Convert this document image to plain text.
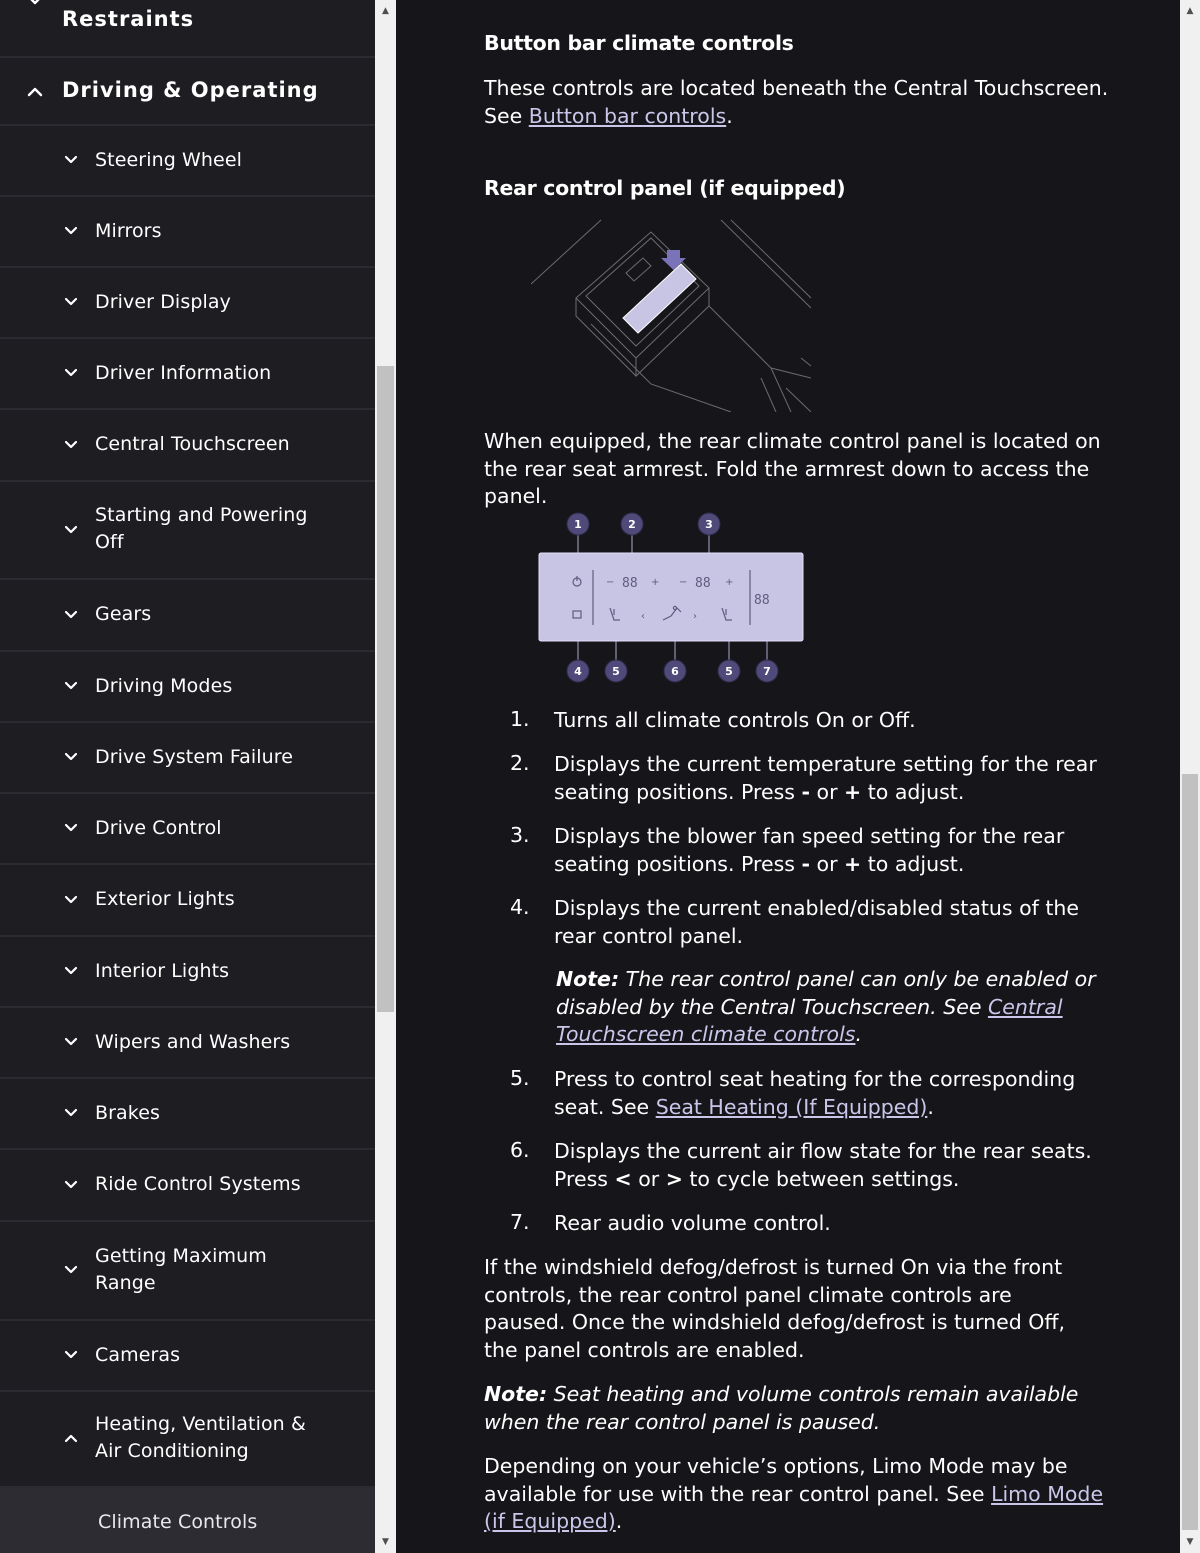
Restraints
Driving & Operating
Steering Wheel
Mirrors
Driver Display
Driver Information
Central Touchscreen
Starting and Powering Off
Gears
Driving Modes
Drive System Failure
Drive Control
Exterior Lights
Interior Lights
Wipers and Washers
Brakes
Ride Control Systems
Getting Maximum Range
Cameras
Heating, Ventilation & Air Conditioning
Climate Controls
▲
▼
Button bar climate controls
These controls are located beneath the Central Touchscreen. See Button bar controls.
Rear control panel (if equipped)
When equipped, the rear climate control panel is located on the rear seat armrest. Fold the armrest down to access the panel.
− 88 + − 88 +
‹	›
88
1	2	3
4	5	6	5	7
1. Turns all climate controls On or Off.
2. Displays the current temperature setting for the rear seating positions. Press - or + to adjust.
3. Displays the blower fan speed setting for the rear seating positions. Press - or + to adjust.
4. Displays the current enabled/disabled status of the rear control panel.
Note: The rear control panel can only be enabled or disabled by the Central Touchscreen. See Central Touchscreen climate controls.
5. Press to control seat heating for the corresponding seat. See Seat Heating (If Equipped).
6. Displays the current air flow state for the rear seats. Press < or > to cycle between settings.
7. Rear audio volume control.
If the windshield defog/defrost is turned On via the front controls, the rear control panel climate controls are paused. Once the windshield defog/defrost is turned Off, the panel controls are enabled.
Note: Seat heating and volume controls remain available when the rear control panel is paused.
Depending on your vehicle’s options, Limo Mode may be available for use with the rear control panel. See Limo Mode (if Equipped).
▲
▼
